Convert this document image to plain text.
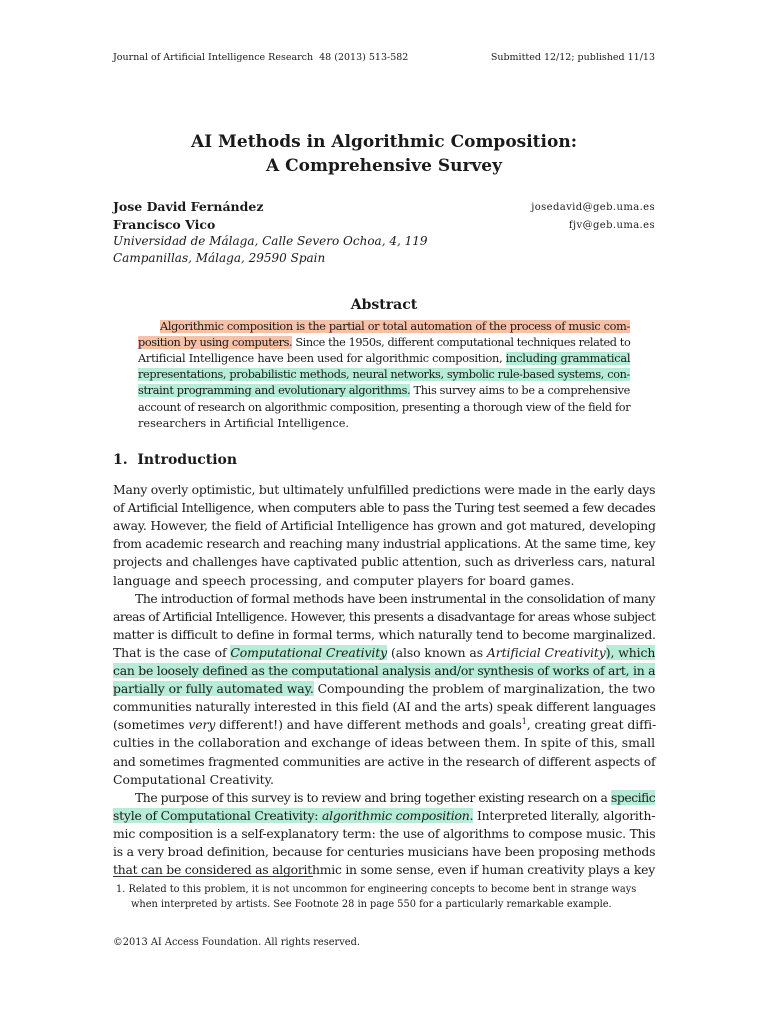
Journal of Artificial Intelligence Research 48 (2013) 513-582	Submitted 12/12; published 11/13
AI Methods in Algorithmic Composition:
A Comprehensive Survey
Jose David Fernández	josedavid@geb.uma.es
Francisco Vico	fjv@geb.uma.es
Universidad de Málaga, Calle Severo Ochoa, 4, 119
Campanillas, Málaga, 29590 Spain
Abstract
Algorithmic composition is the partial or total automation of the process of music com-
position by using computers. Since the 1950s, different computational techniques related to
Artificial Intelligence have been used for algorithmic composition, including grammatical
representations, probabilistic methods, neural networks, symbolic rule-based systems, con-
straint programming and evolutionary algorithms. This survey aims to be a comprehensive
account of research on algorithmic composition, presenting a thorough view of the field for
researchers in Artificial Intelligence.
1. Introduction
Many overly optimistic, but ultimately unfulfilled predictions were made in the early days
of Artificial Intelligence, when computers able to pass the Turing test seemed a few decades
away. However, the field of Artificial Intelligence has grown and got matured, developing
from academic research and reaching many industrial applications. At the same time, key
projects and challenges have captivated public attention, such as driverless cars, natural
language and speech processing, and computer players for board games.
The introduction of formal methods have been instrumental in the consolidation of many
areas of Artificial Intelligence. However, this presents a disadvantage for areas whose subject
matter is difficult to define in formal terms, which naturally tend to become marginalized.
That is the case of Computational Creativity (also known as Artificial Creativity), which
can be loosely defined as the computational analysis and/or synthesis of works of art, in a
partially or fully automated way. Compounding the problem of marginalization, the two
communities naturally interested in this field (AI and the arts) speak different languages
(sometimes very different!) and have different methods and goals$^1$, creating great diffi-
culties in the collaboration and exchange of ideas between them. In spite of this, small
and sometimes fragmented communities are active in the research of different aspects of
Computational Creativity.
The purpose of this survey is to review and bring together existing research on a specific
style of Computational Creativity: algorithmic composition. Interpreted literally, algorith-
mic composition is a self-explanatory term: the use of algorithms to compose music. This
is a very broad definition, because for centuries musicians have been proposing methods
that can be considered as algorithmic in some sense, even if human creativity plays a key
1. Related to this problem, it is not uncommon for engineering concepts to become bent in strange ways
when interpreted by artists. See Footnote 28 in page 550 for a particularly remarkable example.
©2013 AI Access Foundation. All rights reserved.
